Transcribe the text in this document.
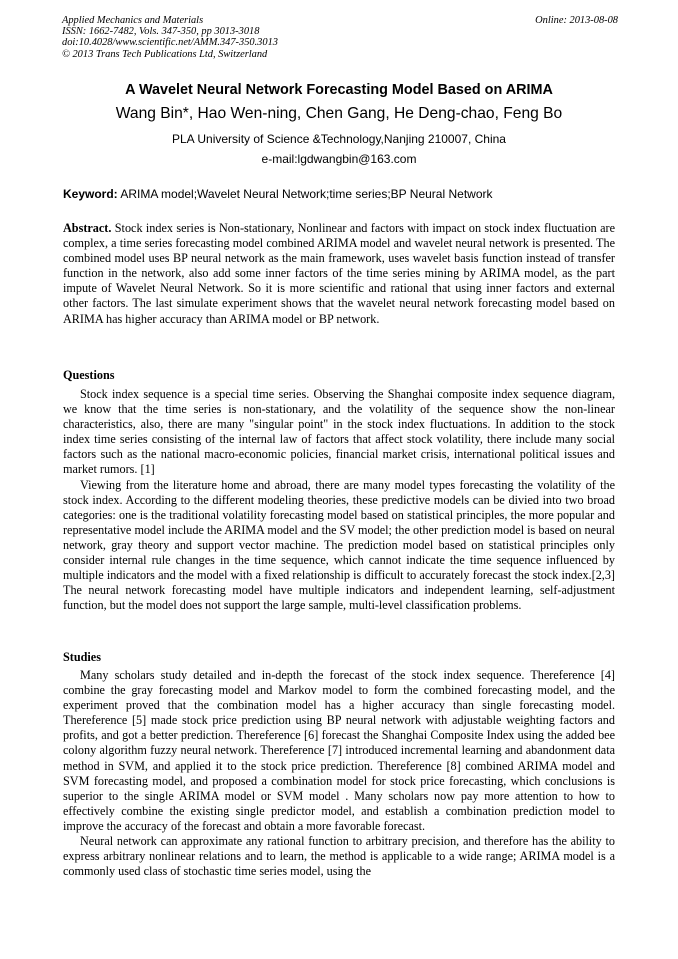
Applied Mechanics and Materials
ISSN: 1662-7482, Vols. 347-350, pp 3013-3018
doi:10.4028/www.scientific.net/AMM.347-350.3013
© 2013 Trans Tech Publications Ltd, Switzerland
Online: 2013-08-08
A Wavelet Neural Network Forecasting Model Based on ARIMA
Wang Bin*, Hao Wen-ning, Chen Gang, He Deng-chao, Feng Bo
PLA University of Science &Technology,Nanjing 210007, China
e-mail:lgdwangbin@163.com
Keyword: ARIMA model;Wavelet Neural Network;time series;BP Neural Network
Abstract. Stock index series is Non-stationary, Nonlinear and factors with impact on stock index fluctuation are complex, a time series forecasting model combined ARIMA model and wavelet neural network is presented. The combined model uses BP neural network as the main framework, uses wavelet basis function instead of transfer function in the network, also add some inner factors of the time series mining by ARIMA model, as the part impute of Wavelet Neural Network. So it is more scientific and rational that using inner factors and external other factors. The last simulate experiment shows that the wavelet neural network forecasting model based on ARIMA has higher accuracy than ARIMA model or BP network.
Questions

Stock index sequence is a special time series. Observing the Shanghai composite index sequence diagram, we know that the time series is non-stationary, and the volatility of the sequence show the non-linear characteristics, also, there are many "singular point" in the stock index fluctuations. In addition to the stock index time series consisting of the internal law of factors that affect stock volatility, there include many social factors such as the national macro-economic policies, financial market crisis, international political issues and market rumors. [1]

Viewing from the literature home and abroad, there are many model types forecasting the volatility of the stock index. According to the different modeling theories, these predictive models can be divied into two broad categories: one is the traditional volatility forecasting model based on statistical principles, the more popular and representative model include the ARIMA model and the SV model; the other prediction model is based on neural network, gray theory and support vector machine. The prediction model based on statistical principles only consider internal rule changes in the time sequence, which cannot indicate the time sequence influenced by multiple indicators and the model with a fixed relationship is difficult to accurately forecast the stock index.[2,3] The neural network forecasting model have multiple indicators and independent learning, self-adjustment function, but the model does not support the large sample, multi-level classification problems.

Studies

Many scholars study detailed and in-depth the forecast of the stock index sequence. Thereference [4] combine the gray forecasting model and Markov model to form the combined forecasting model, and the experiment proved that the combination model has a higher accuracy than single forecasting model. Thereference [5] made stock price prediction using BP neural network with adjustable weighting factors and profits, and got a better prediction. Thereference [6] forecast the Shanghai Composite Index using the added bee colony algorithm fuzzy neural network. Thereference [7] introduced incremental learning and abandonment data method in SVM, and applied it to the stock price prediction. Thereference [8] combined ARIMA model and SVM forecasting model, and proposed a combination model for stock price forecasting, which conclusions is superior to the single ARIMA model or SVM model . Many scholars now pay more attention to how to effectively combine the existing single predictor model, and establish a combination prediction model to improve the accuracy of the forecast and obtain a more favorable forecast.

Neural network can approximate any rational function to arbitrary precision, and therefore has the ability to express arbitrary nonlinear relations and to learn, the method is applicable to a wide range; ARIMA model is a commonly used class of stochastic time series model, using the
